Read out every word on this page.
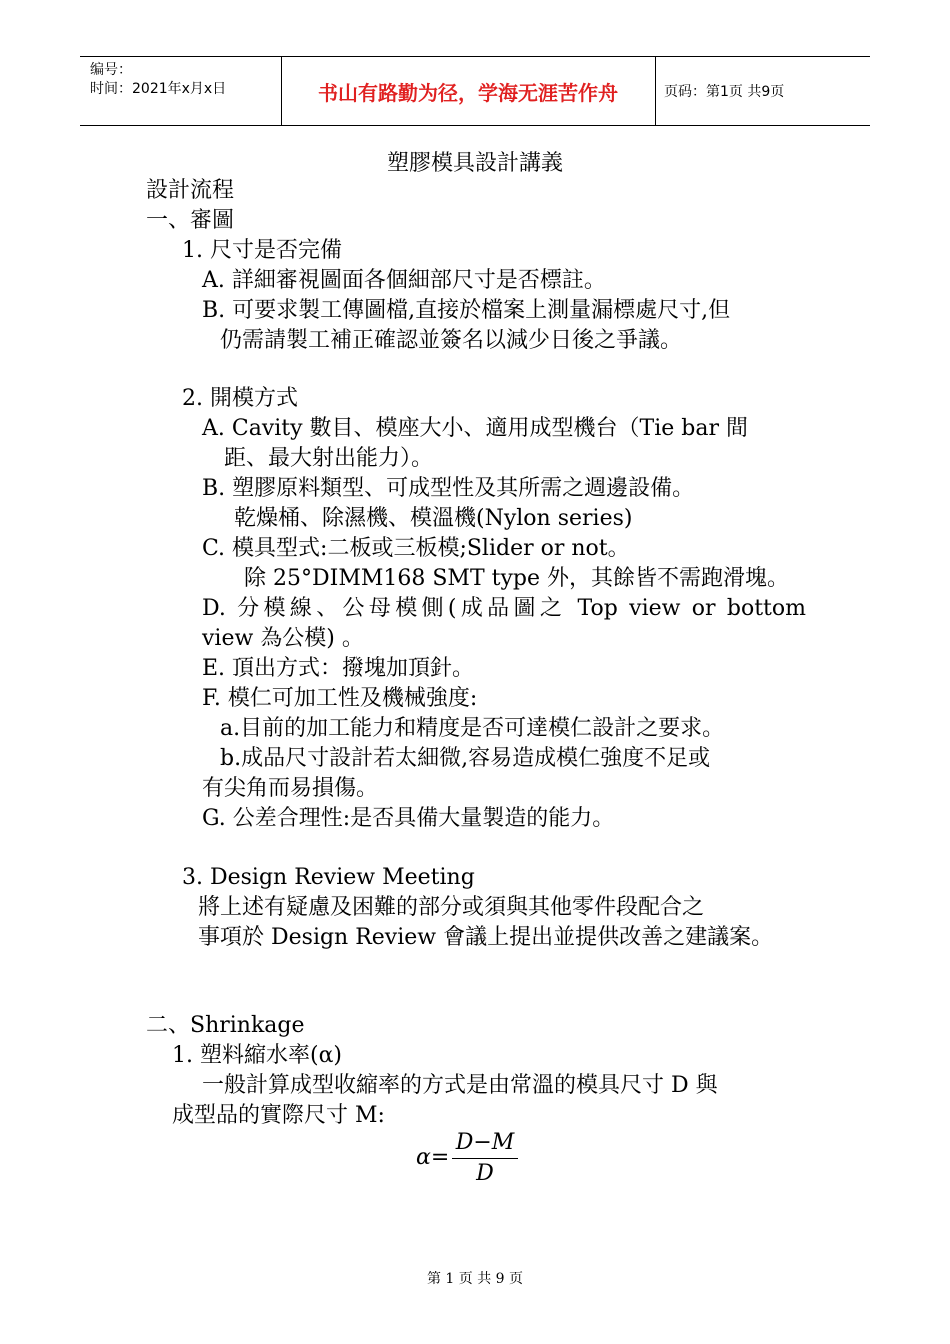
编号：
时间：2021年x月x日	书山有路勤为径，学海无涯苦作舟	页码：第1页 共9页
塑膠模具設計講義
設計流程
一、審圖
1. 尺寸是否完備
A. 詳細審視圖面各個細部尺寸是否標註。
B. 可要求製工傳圖檔,直接於檔案上測量漏標處尺寸,但
仍需請製工補正確認並簽名以減少日後之爭議。
2. 開模方式
A. Cavity 數目、模座大小、適用成型機台（Tie bar 間
距、最大射出能力）。
B. 塑膠原料類型、可成型性及其所需之週邊設備。
乾燥桶、除濕機、模溫機(Nylon series)
C. 模具型式:二板或三板模;Slider or not。
除 25°DIMM168 SMT type 外，其餘皆不需跑滑塊。
D. 分模線、公母模側(成品圖之 Top view or bottom
view 為公模) 。
E. 頂出方式：撥塊加頂針。
F. 模仁可加工性及機械強度:
a.目前的加工能力和精度是否可達模仁設計之要求。
b.成品尺寸設計若太細微,容易造成模仁強度不足或
有尖角而易損傷。
G. 公差合理性:是否具備大量製造的能力。
3. Design Review Meeting
將上述有疑慮及困難的部分或須與其他零件段配合之
事項於 Design Review 會議上提出並提供改善之建議案。
二、Shrinkage
1. 塑料縮水率(α)
一般計算成型收縮率的方式是由常溫的模具尺寸 D 與
成型品的實際尺寸 M:
α=
D−M
D
第 1 页 共 9 页
